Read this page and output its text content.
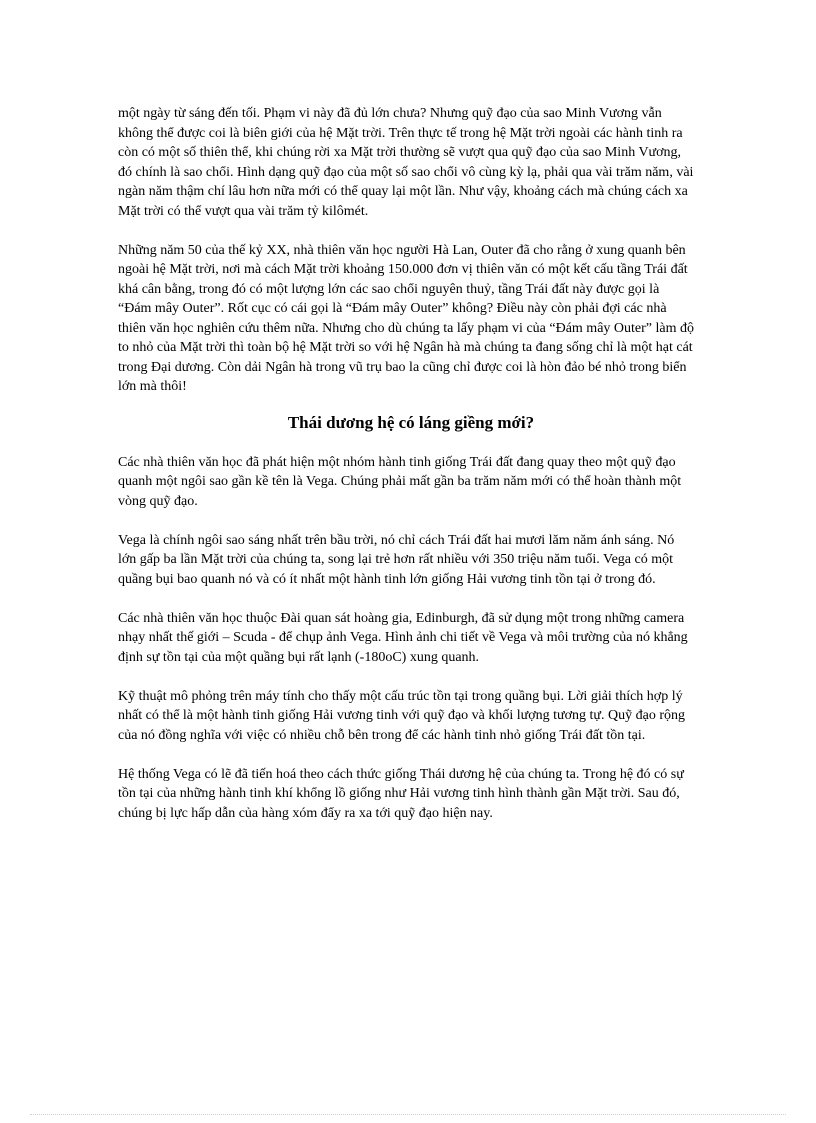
một ngày từ sáng đến tối. Phạm vi này đã đủ lớn chưa? Nhưng quỹ đạo của sao Minh Vương vẫn không thể được coi là biên giới của hệ Mặt trời. Trên thực tế trong hệ Mặt trời ngoài các hành tinh ra còn có một số thiên thể, khi chúng rời xa Mặt trời thường sẽ vượt qua quỹ đạo của sao Minh Vương, đó chính là sao chổi. Hình dạng quỹ đạo của một số sao chổi vô cùng kỳ lạ, phải qua vài trăm năm, vài ngàn năm thậm chí lâu hơn nữa mới có thể quay lại một lần. Như vậy, khoảng cách mà chúng cách xa Mặt trời có thể vượt qua vài trăm tỷ kilômét.

Những năm 50 của thế kỷ XX, nhà thiên văn học người Hà Lan, Outer đã cho rằng ở xung quanh bên ngoài hệ Mặt trời, nơi mà cách Mặt trời khoảng 150.000 đơn vị thiên văn có một kết cấu tầng Trái đất khá cân bằng, trong đó có một lượng lớn các sao chổi nguyên thuỷ, tầng Trái đất này được gọi là “Đám mây Outer”. Rốt cục có cái gọi là “Đám mây Outer” không? Điều này còn phải đợi các nhà thiên văn học nghiên cứu thêm nữa. Nhưng cho dù chúng ta lấy phạm vi của “Đám mây Outer” làm độ to nhỏ của Mặt trời thì toàn bộ hệ Mặt trời so với hệ Ngân hà mà chúng ta đang sống chỉ là một hạt cát trong Đại dương. Còn dải Ngân hà trong vũ trụ bao la cũng chỉ được coi là hòn đảo bé nhỏ trong biển lớn mà thôi!

Thái dương hệ có láng giềng mới?

Các nhà thiên văn học đã phát hiện một nhóm hành tinh giống Trái đất đang quay theo một quỹ đạo quanh một ngôi sao gần kề tên là Vega. Chúng phải mất gần ba trăm năm mới có thể hoàn thành một vòng quỹ đạo.

Vega là chính ngôi sao sáng nhất trên bầu trời, nó chỉ cách Trái đất hai mươi lăm năm ánh sáng. Nó lớn gấp ba lần Mặt trời của chúng ta, song lại trẻ hơn rất nhiều với 350 triệu năm tuổi. Vega có một quầng bụi bao quanh nó và có ít nhất một hành tinh lớn giống Hải vương tinh tồn tại ở trong đó.

Các nhà thiên văn học thuộc Đài quan sát hoàng gia, Edinburgh, đã sử dụng một trong những camera nhạy nhất thế giới – Scuda - để chụp ảnh Vega. Hình ảnh chi tiết về Vega và môi trường của nó khẳng định sự tồn tại của một quầng bụi rất lạnh (-180oC) xung quanh.

Kỹ thuật mô phỏng trên máy tính cho thấy một cấu trúc tồn tại trong quầng bụi. Lời giải thích hợp lý nhất có thể là một hành tinh giống Hải vương tinh với quỹ đạo và khối lượng tương tự. Quỹ đạo rộng của nó đồng nghĩa với việc có nhiều chỗ bên trong để các hành tinh nhỏ giống Trái đất tồn tại.

Hệ thống Vega có lẽ đã tiến hoá theo cách thức giống Thái dương hệ của chúng ta. Trong hệ đó có sự tồn tại của những hành tinh khí khổng lồ giống như Hải vương tinh hình thành gần Mặt trời. Sau đó, chúng bị lực hấp dẫn của hàng xóm đẩy ra xa tới quỹ đạo hiện nay.
